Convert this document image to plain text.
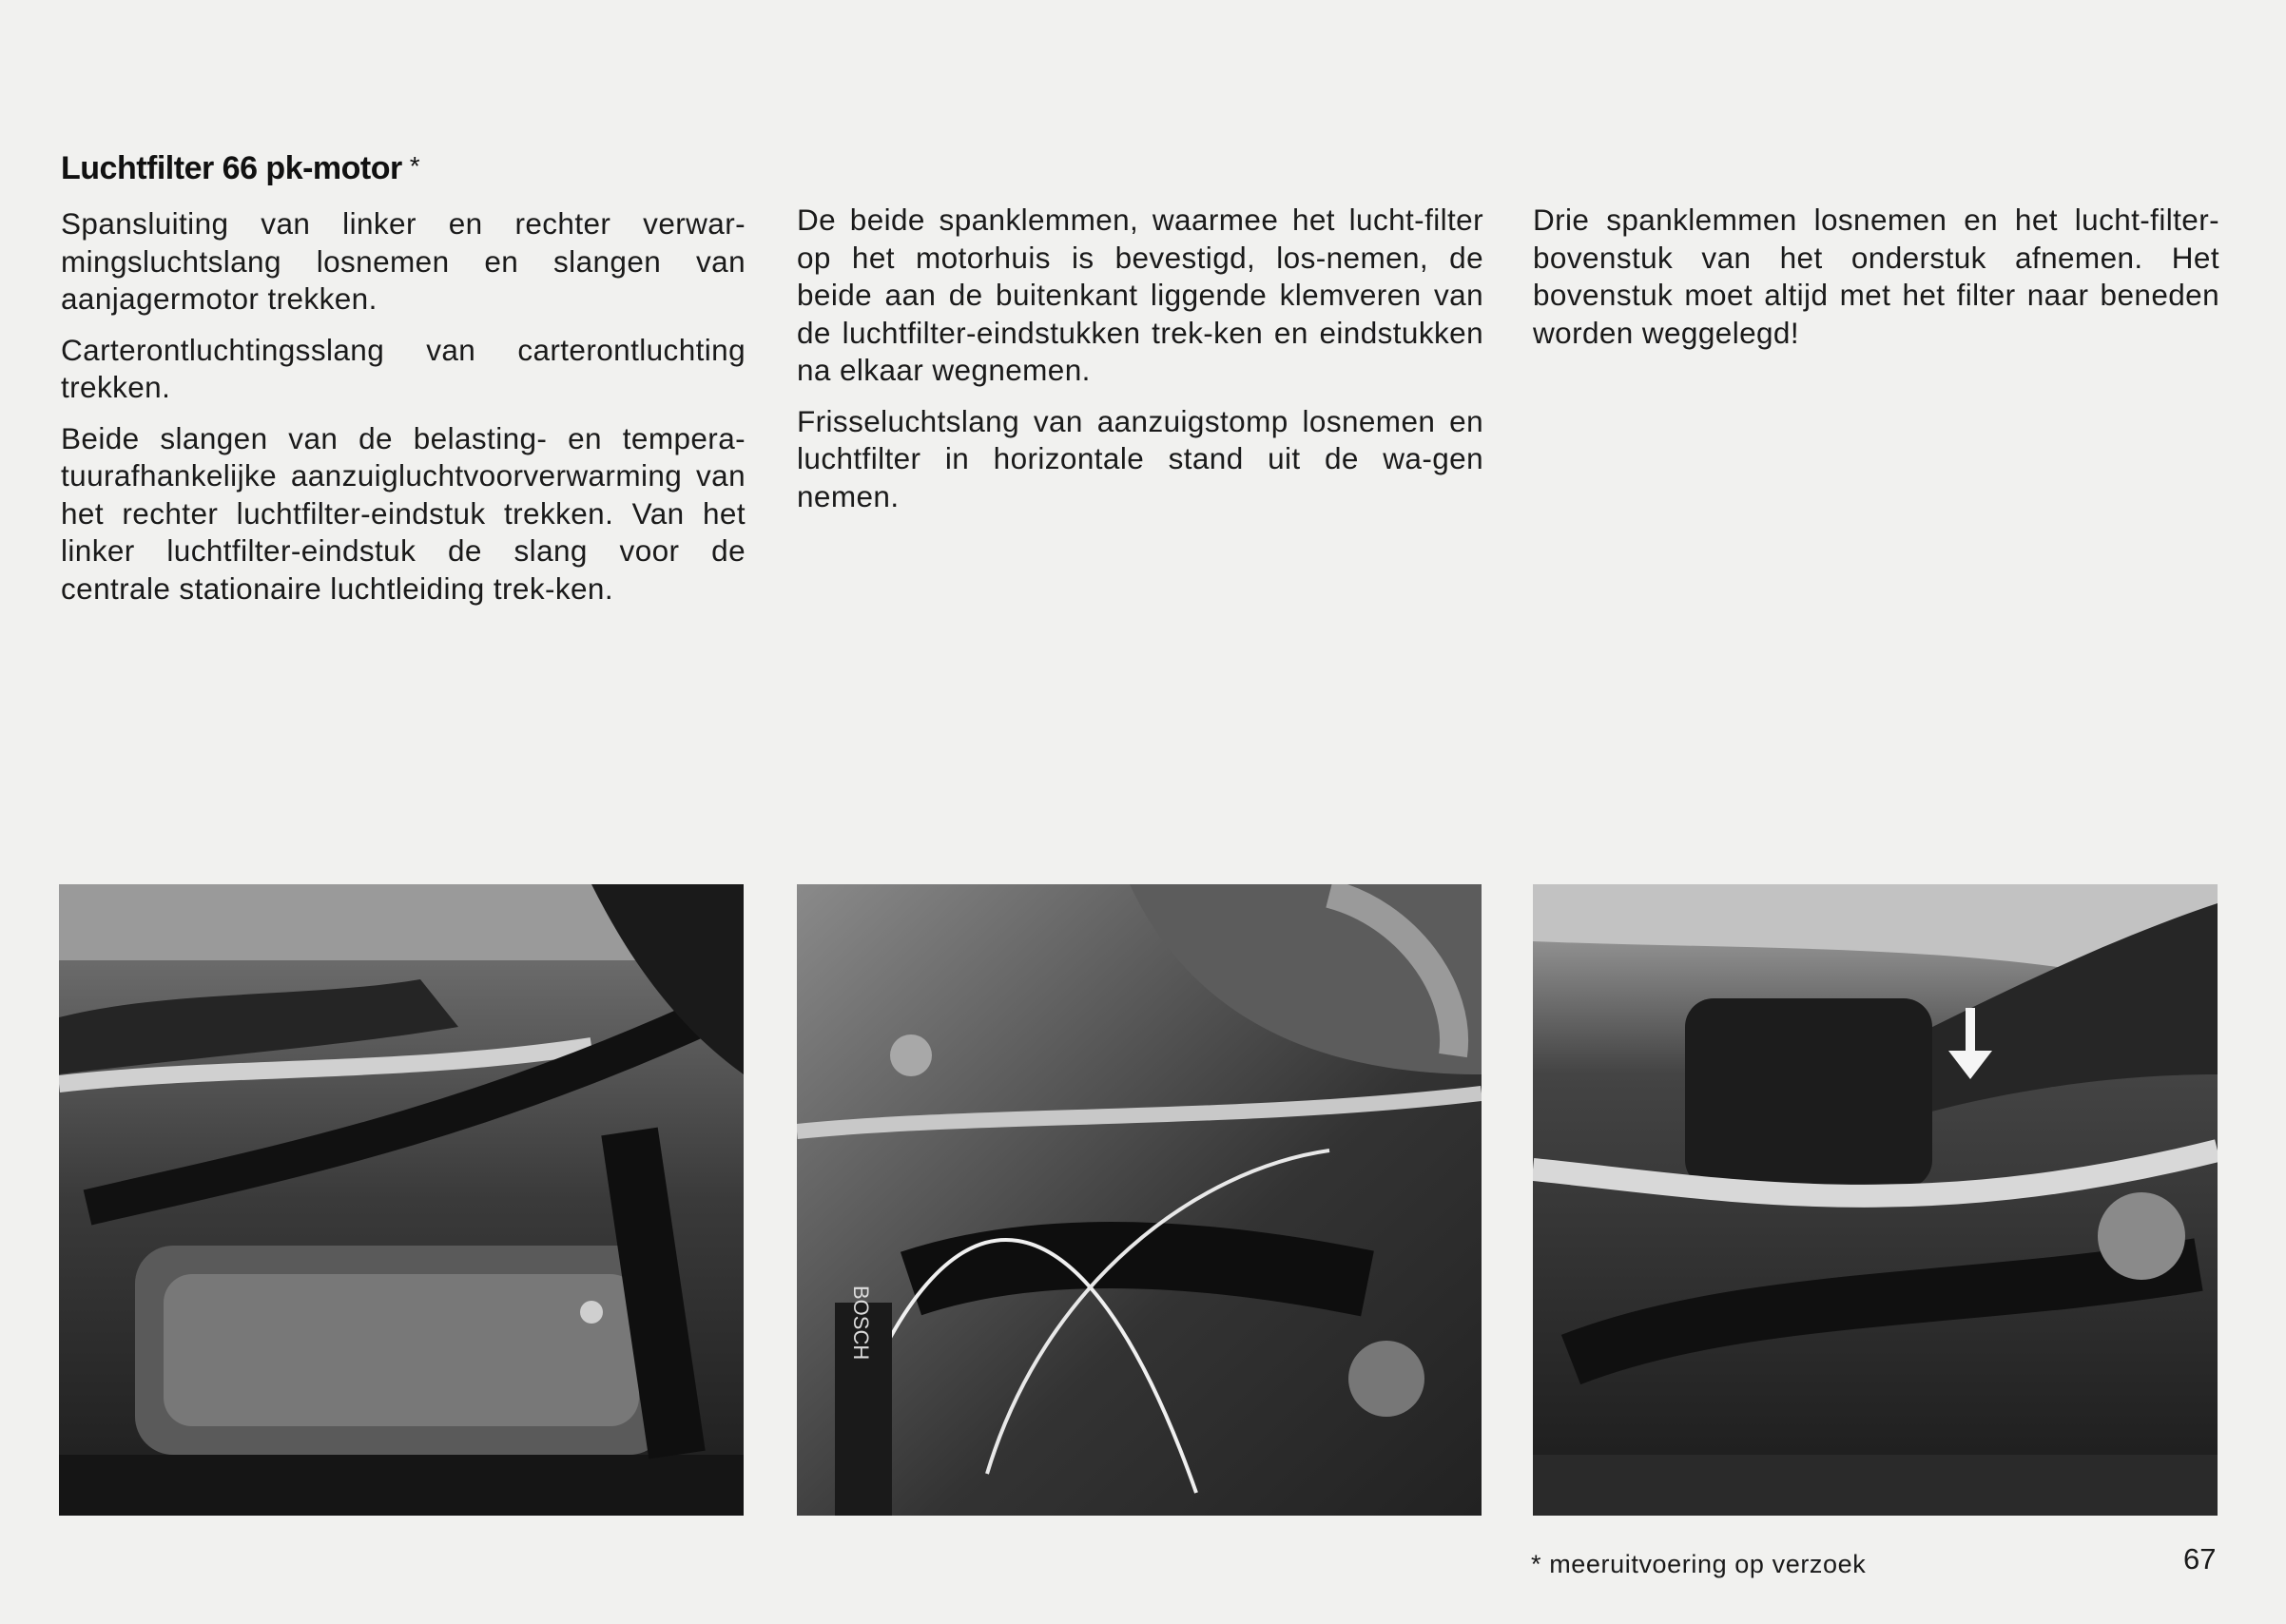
Luchtfilter 66 pk-motor *

Spansluiting van linker en rechter verwar-mingsluchtslang losnemen en slangen van aanjagermotor trekken.

Carterontluchtingsslang van carterontluchting trekken.

Beide slangen van de belasting- en tempera-tuurafhankelijke aanzuigluchtvoorverwarming van het rechter luchtfilter-eindstuk trekken. Van het linker luchtfilter-eindstuk de slang voor de centrale stationaire luchtleiding trek-ken.

De beide spanklemmen, waarmee het lucht-filter op het motorhuis is bevestigd, los-nemen, de beide aan de buitenkant liggende klemveren van de luchtfilter-eindstukken trek-ken en eindstukken na elkaar wegnemen.

Frisseluchtslang van aanzuigstomp losnemen en luchtfilter in horizontale stand uit de wa-gen nemen.

Drie spanklemmen losnemen en het lucht-filter-bovenstuk van het onderstuk afnemen. Het bovenstuk moet altijd met het filter naar beneden worden weggelegd!

BOSCH
* meeruitvoering op verzoek	67
